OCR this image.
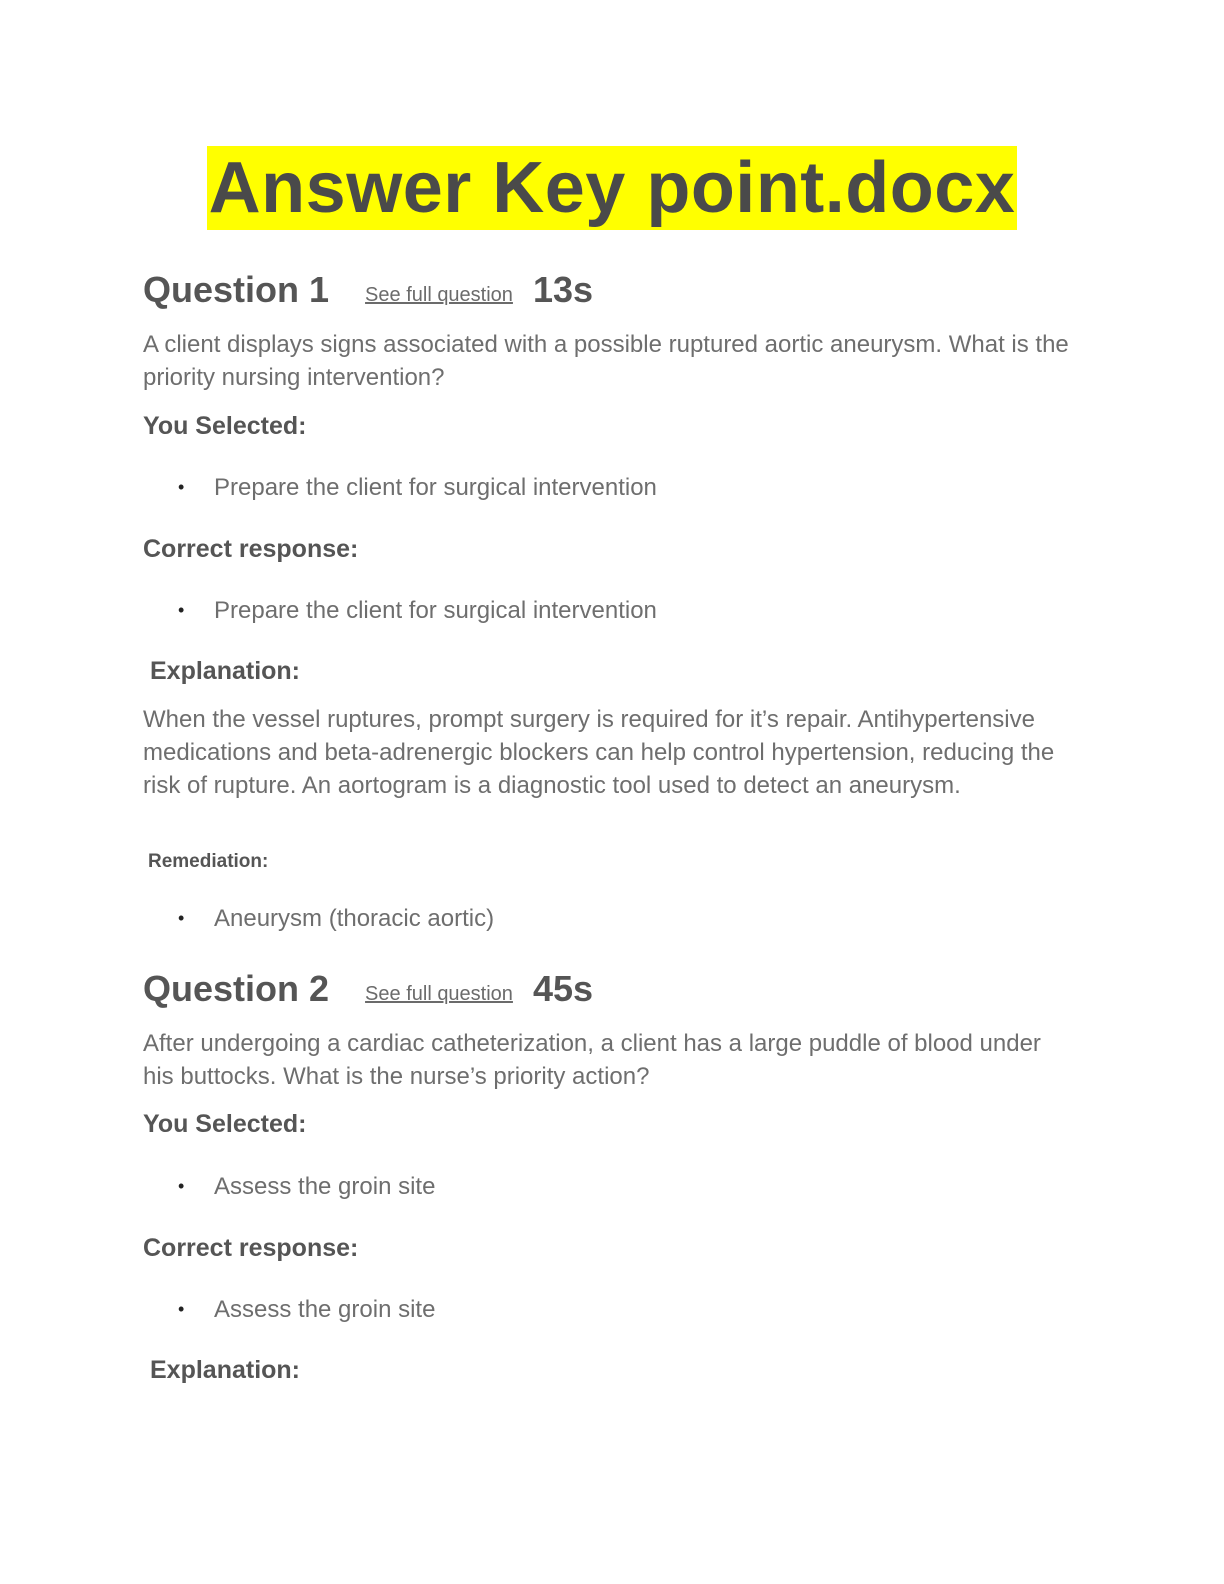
Answer Key point.docx
Question 1 See full question 13s
A client displays signs associated with a possible ruptured aortic aneurysm. What is the priority nursing intervention?
You Selected:
• Prepare the client for surgical intervention
Correct response:
• Prepare the client for surgical intervention
Explanation:
When the vessel ruptures, prompt surgery is required for it’s repair. Antihypertensive medications and beta-adrenergic blockers can help control hypertension, reducing the risk of rupture. An aortogram is a diagnostic tool used to detect an aneurysm.
Remediation:
• Aneurysm (thoracic aortic)
Question 2 See full question 45s
After undergoing a cardiac catheterization, a client has a large puddle of blood under his buttocks. What is the nurse’s priority action?
You Selected:
• Assess the groin site
Correct response:
• Assess the groin site
Explanation:
